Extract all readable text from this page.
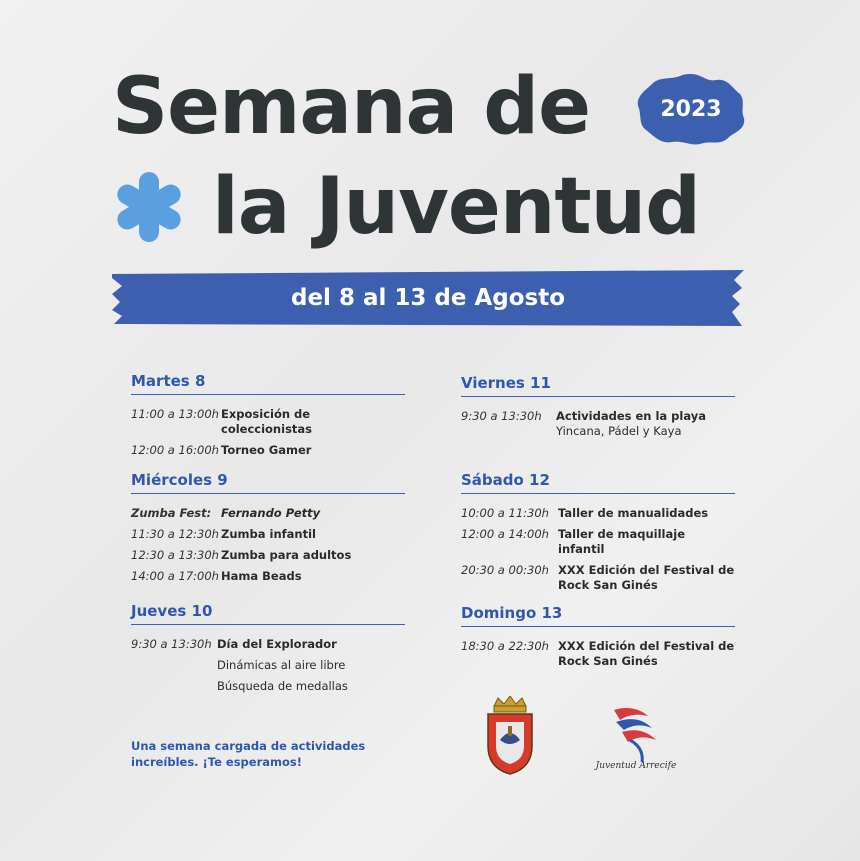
Semana de
la Juventud
2023
del 8 al 13 de Agosto
Martes 8
11:00 a 13:00h Exposición de coleccionistas
12:00 a 16:00h Torneo Gamer
Miércoles 9
Zumba Fest: Fernando Petty
11:30 a 12:30h Zumba infantil
12:30 a 13:30h Zumba para adultos
14:00 a 17:00h Hama Beads
Jueves 10
9:30 a 13:30h Día del Explorador
Dinámicas al aire libre
Búsqueda de medallas
Viernes 11
9:30 a 13:30h	Actividades en la playa
Yincana, Pádel y Kaya
Sábado 12
10:00 a 11:30h Taller de manualidades
12:00 a 14:00h Taller de maquillaje infantil
20:30 a 00:30h XXX Edición del Festival de
Rock San Ginés
Domingo 13
18:30 a 22:30h XXX Edición del Festival de
Rock San Ginés
Una semana cargada de actividades
increíbles. ¡Te esperamos!	Juventud Arrecife
